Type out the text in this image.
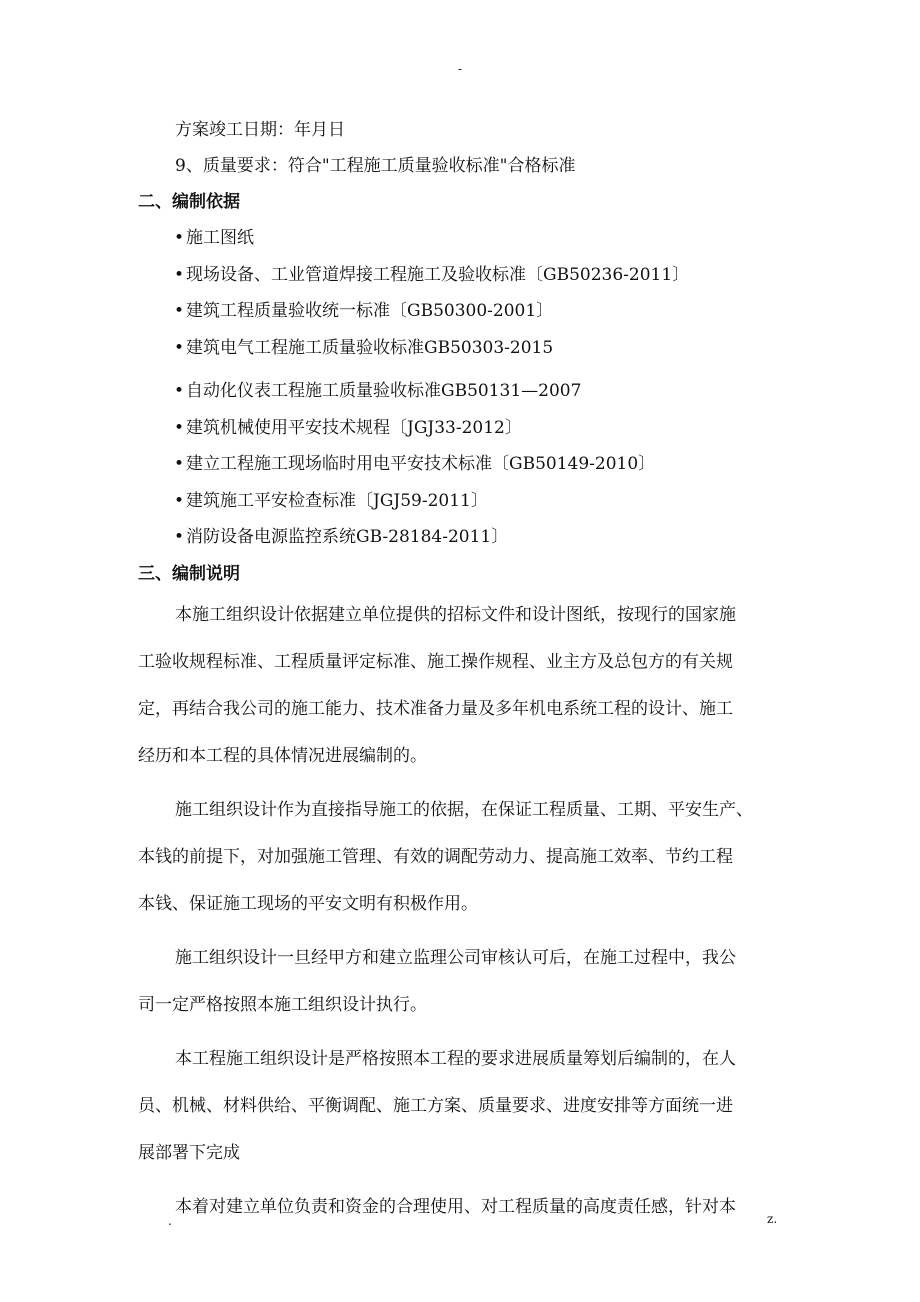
-

方案竣工日期：年月日

9、质量要求：符合"工程施工质量验收标准"合格标准

二、编制依据

• 施工图纸
• 现场设备、工业管道焊接工程施工及验收标准〔GB50236-2011〕
• 建筑工程质量验收统一标准〔GB50300-2001〕
• 建筑电气工程施工质量验收标准GB50303-2015
• 自动化仪表工程施工质量验收标准GB50131—2007
• 建筑机械使用平安技术规程〔JGJ33-2012〕
• 建立工程施工现场临时用电平安技术标准〔GB50149-2010〕
• 建筑施工平安检查标准〔JGJ59-2011〕
• 消防设备电源监控系统GB-28184-2011〕

三、编制说明

本施工组织设计依据建立单位提供的招标文件和设计图纸，按现行的国家施
工验收规程标准、工程质量评定标准、施工操作规程、业主方及总包方的有关规
定，再结合我公司的施工能力、技术准备力量及多年机电系统工程的设计、施工
经历和本工程的具体情况进展编制的。
施工组织设计作为直接指导施工的依据，在保证工程质量、工期、平安生产、
本钱的前提下，对加强施工管理、有效的调配劳动力、提高施工效率、节约工程
本钱、保证施工现场的平安文明有积极作用。
施工组织设计一旦经甲方和建立监理公司审核认可后，在施工过程中，我公
司一定严格按照本施工组织设计执行。
本工程施工组织设计是严格按照本工程的要求进展质量筹划后编制的，在人
员、机械、材料供给、平衡调配、施工方案、质量要求、进度安排等方面统一进
展部署下完成
本着对建立单位负责和资金的合理使用、对工程质量的高度责任感，针对本
.	z.
